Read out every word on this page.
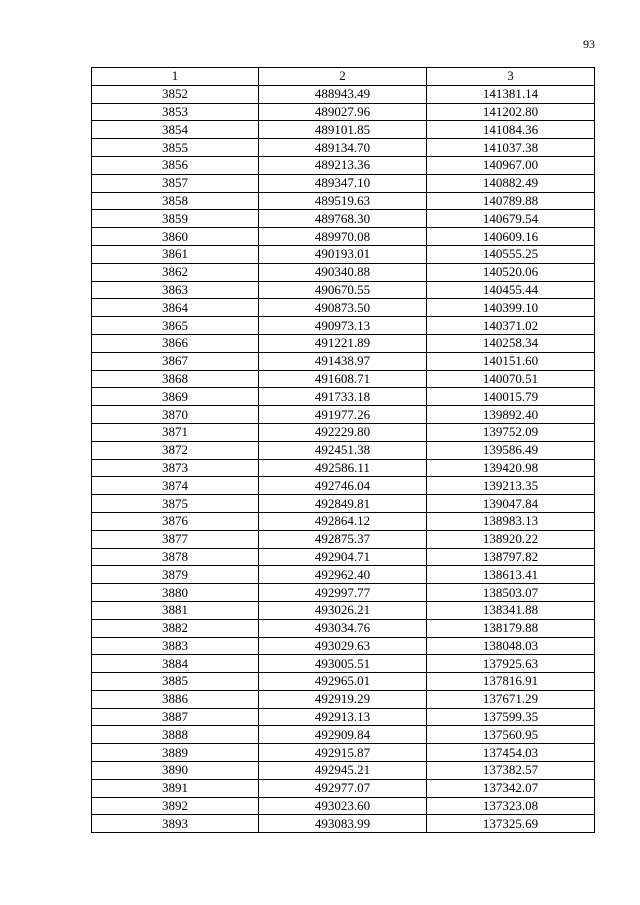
93
1	2	3
3852	488943.49	141381.14
3853	489027.96	141202.80
3854	489101.85	141084.36
3855	489134.70	141037.38
3856	489213.36	140967.00
3857	489347.10	140882.49
3858	489519.63	140789.88
3859	489768.30	140679.54
3860	489970.08	140609.16
3861	490193.01	140555.25
3862	490340.88	140520.06
3863	490670.55	140455.44
3864	490873.50	140399.10
3865	490973.13	140371.02
3866	491221.89	140258.34
3867	491438.97	140151.60
3868	491608.71	140070.51
3869	491733.18	140015.79
3870	491977.26	139892.40
3871	492229.80	139752.09
3872	492451.38	139586.49
3873	492586.11	139420.98
3874	492746.04	139213.35
3875	492849.81	139047.84
3876	492864.12	138983.13
3877	492875.37	138920.22
3878	492904.71	138797.82
3879	492962.40	138613.41
3880	492997.77	138503.07
3881	493026.21	138341.88
3882	493034.76	138179.88
3883	493029.63	138048.03
3884	493005.51	137925.63
3885	492965.01	137816.91
3886	492919.29	137671.29
3887	492913.13	137599.35
3888	492909.84	137560.95
3889	492915.87	137454.03
3890	492945.21	137382.57
3891	492977.07	137342.07
3892	493023.60	137323.08
3893	493083.99	137325.69
